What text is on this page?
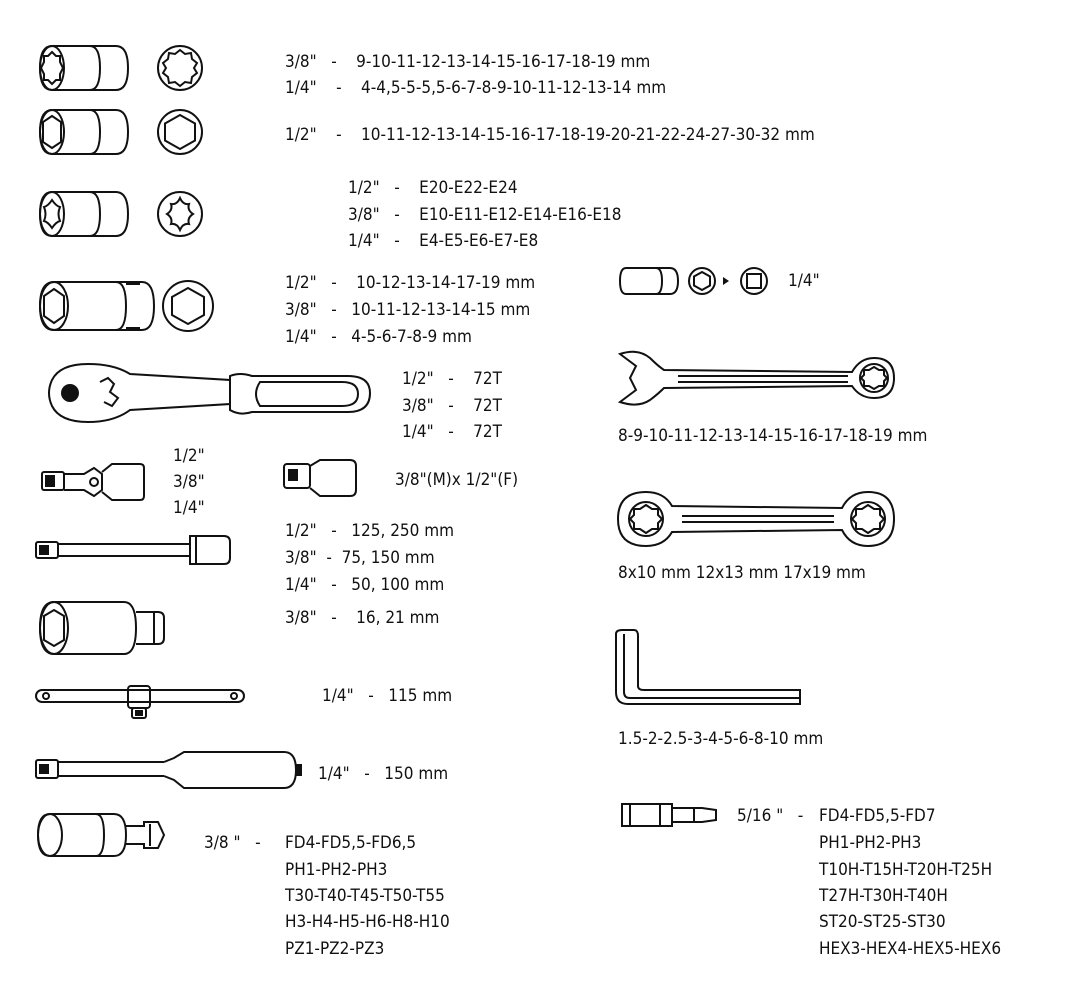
3/8"   -    9-10-11-12-13-14-15-16-17-18-19 mm
1/4"    -    4-4,5-5-5,5-6-7-8-9-10-11-12-13-14 mm
1/2"    -    10-11-12-13-14-15-16-17-18-19-20-21-22-24-27-30-32 mm
1/2"   -    E20-E22-E24
3/8"   -    E10-E11-E12-E14-E16-E18
1/4"   -    E4-E5-E6-E7-E8
1/2"   -    10-12-13-14-17-19 mm
3/8"   -   10-11-12-13-14-15 mm
1/4"   -   4-5-6-7-8-9 mm
1/2"   -    72T
3/8"   -    72T
1/4"   -    72T
1/2"
3/8"
1/4"
3/8"(M)x 1/2"(F)
1/2"   -   125, 250 mm
3/8"  -  75, 150 mm
1/4"   -   50, 100 mm
3/8"   -    16, 21 mm
1/4"   -   115 mm
1/4"   -   150 mm
3/8 "   - FD4-FD5,5-FD6,5
PH1-PH2-PH3
T30-T40-T45-T50-T55
H3-H4-H5-H6-H8-H10
PZ1-PZ2-PZ3
1/4"
8-9-10-11-12-13-14-15-16-17-18-19 mm
8x10 mm 12x13 mm 17x19 mm
1.5-2-2.5-3-4-5-6-8-10 mm
5/16 "   - FD4-FD5,5-FD7
PH1-PH2-PH3
T10H-T15H-T20H-T25H
T27H-T30H-T40H
ST20-ST25-ST30
HEX3-HEX4-HEX5-HEX6
